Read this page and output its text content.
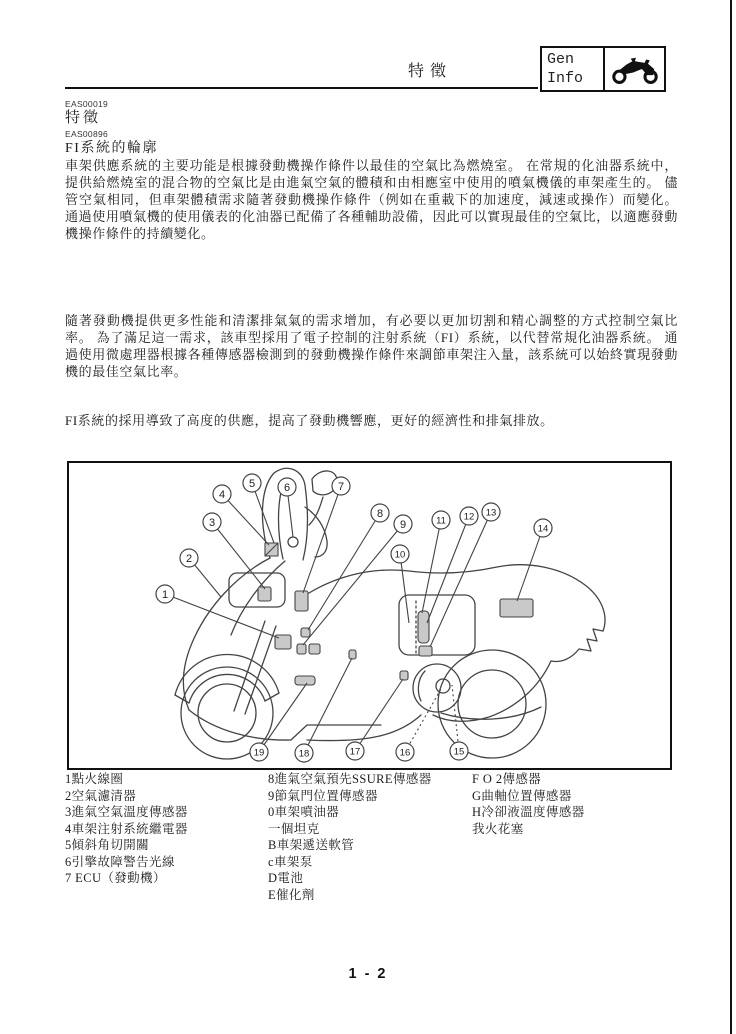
特徵
Gen
Info
EAS00019
特徵
EAS00896
FI系統的輪廓
車架供應系統的主要功能是根據發動機操作條件以最佳的空氣比為燃燒室。 在常規的化油器系統中，提供給燃燒室的混合物的空氣比是由進氣空氣的體積和由相應室中使用的噴氣機儀的車架產生的。 儘管空氣相同，但車架體積需求隨著發動機操作條件（例如在重載下的加速度，減速或操作）而變化。 通過使用噴氣機的使用儀表的化油器已配備了各種輔助設備，因此可以實現最佳的空氣比，以適應發動機操作條件的持續變化。
隨著發動機提供更多性能和清潔排氣氣的需求增加，有必要以更加切割和精心調整的方式控制空氣比率。 為了滿足這一需求，該車型採用了電子控制的注射系統（FI）系統，以代替常規化油器系統。 通過使用微處理器根據各種傳感器檢測到的發動機操作條件來調節車架注入量，該系統可以始終實現發動機的最佳空氣比率。
FI系統的採用導致了高度的供應，提高了發動機響應，更好的經濟性和排氣排放。
1
2
3
4
5	6	7
8
9
10
11 12 13
14
15
16
17
18
19
1點火線圈
2空氣濾清器
3進氣空氣溫度傳感器
4車架注射系統繼電器
5傾斜角切開關
6引擎故障警告光線
7 ECU（發動機）
8進氣空氣預先SSURE傳感器
9節氣門位置傳感器
0車架噴油器
一個坦克
B車架遞送軟管
c車架泵
D電池
E催化劑
F O 2傳感器
G曲軸位置傳感器
H冷卻液溫度傳感器
我火花塞
1 - 2
